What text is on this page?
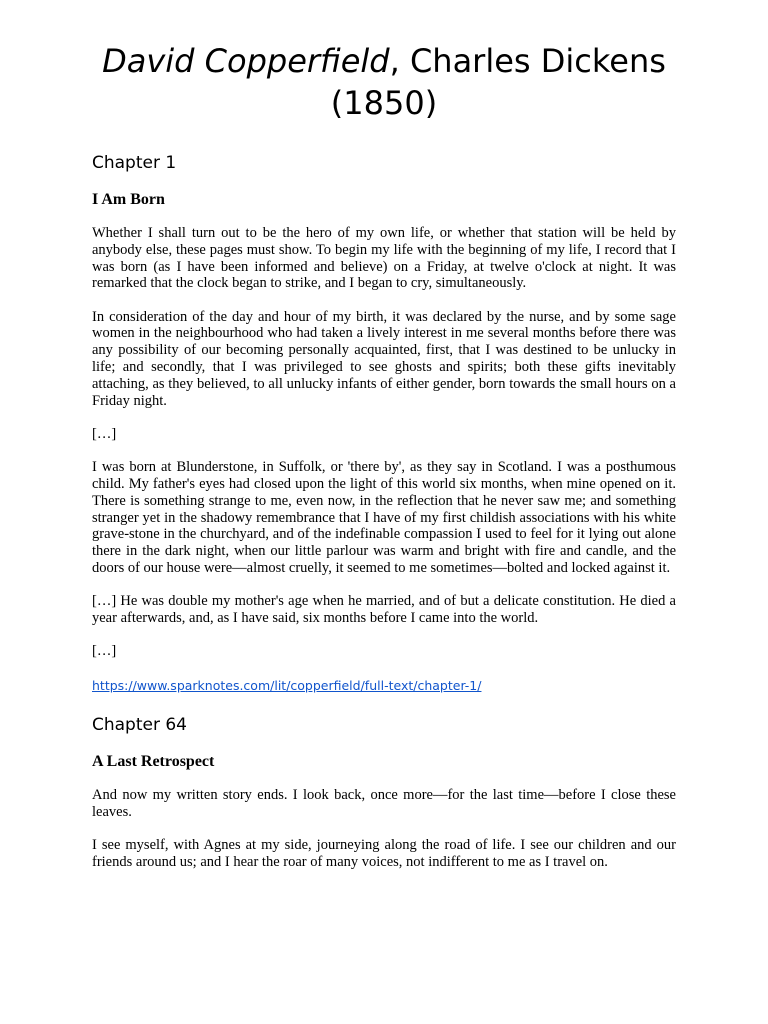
David Copperfield, Charles Dickens (1850)
Chapter 1
I Am Born

Whether I shall turn out to be the hero of my own life, or whether that station will be held by anybody else, these pages must show. To begin my life with the beginning of my life, I record that I was born (as I have been informed and believe) on a Friday, at twelve o'clock at night. It was remarked that the clock began to strike, and I began to cry, simultaneously.

In consideration of the day and hour of my birth, it was declared by the nurse, and by some sage women in the neighbourhood who had taken a lively interest in me several months before there was any possibility of our becoming personally acquainted, first, that I was destined to be unlucky in life; and secondly, that I was privileged to see ghosts and spirits; both these gifts inevitably attaching, as they believed, to all unlucky infants of either gender, born towards the small hours on a Friday night.

[…]

I was born at Blunderstone, in Suffolk, or 'there by', as they say in Scotland. I was a posthumous child. My father's eyes had closed upon the light of this world six months, when mine opened on it. There is something strange to me, even now, in the reflection that he never saw me; and something stranger yet in the shadowy remembrance that I have of my first childish associations with his white grave-stone in the churchyard, and of the indefinable compassion I used to feel for it lying out alone there in the dark night, when our little parlour was warm and bright with fire and candle, and the doors of our house were—almost cruelly, it seemed to me sometimes—bolted and locked against it.

[…] He was double my mother's age when he married, and of but a delicate constitution. He died a year afterwards, and, as I have said, six months before I came into the world.

[…]

https://www.sparknotes.com/lit/copperfield/full-text/chapter-1/
Chapter 64
A Last Retrospect

And now my written story ends. I look back, once more—for the last time—before I close these leaves.

I see myself, with Agnes at my side, journeying along the road of life. I see our children and our friends around us; and I hear the roar of many voices, not indifferent to me as I travel on.
